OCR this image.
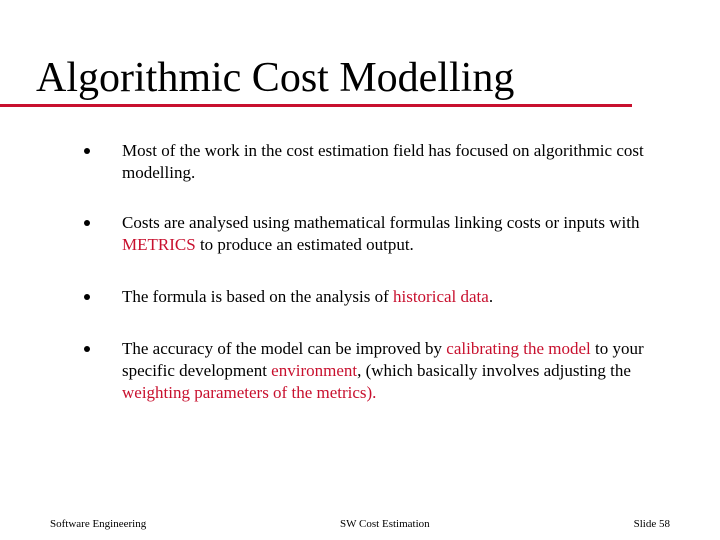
Algorithmic Cost Modelling
Most of the work in the cost estimation field has focused on algorithmic cost modelling.
Costs are analysed using mathematical formulas linking costs or inputs with METRICS to produce an estimated output.
The formula is based on the analysis of historical data.
The accuracy of the model can be improved by calibrating the model to your specific development environment, (which basically involves adjusting the weighting parameters of the metrics).
Software Engineering	SW Cost Estimation	Slide 58
